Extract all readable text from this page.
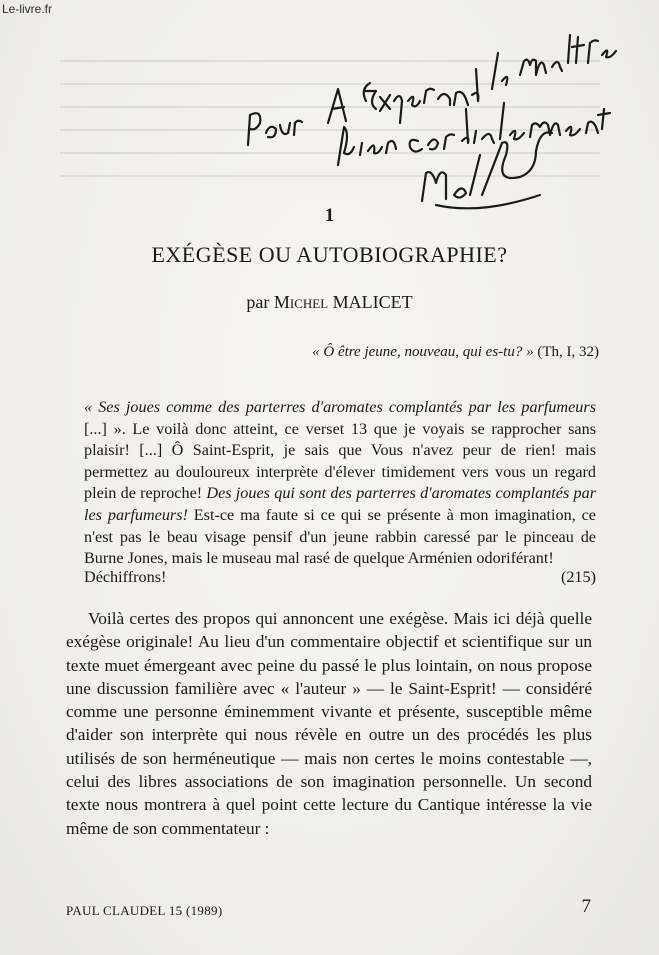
Le-livre.fr
1
EXÉGÈSE OU AUTOBIOGRAPHIE?
par Michel MALICET
« Ô être jeune, nouveau, qui es-tu? » (Th, I, 32)

« Ses joues comme des parterres d'aromates complantés par les parfumeurs [...] ». Le voilà donc atteint, ce verset 13 que je voyais se rapprocher sans plaisir! [...] Ô Saint-Esprit, je sais que Vous n'avez peur de rien! mais permettez au douloureux interprète d'élever timidement vers vous un regard plein de reproche! Des joues qui sont des parterres d'aromates complantés par les parfumeurs! Est-ce ma faute si ce qui se présente à mon imagination, ce n'est pas le beau visage pensif d'un jeune rabbin caressé par le pinceau de Burne Jones, mais le museau mal rasé de quelque Arménien odoriférant!

Déchiffrons!	(215)

Voilà certes des propos qui annoncent une exégèse. Mais ici déjà quelle exégèse originale! Au lieu d'un commentaire objectif et scientifique sur un texte muet émergeant avec peine du passé le plus lointain, on nous propose une discussion familière avec « l'auteur » — le Saint-Esprit! — considéré comme une personne éminemment vivante et présente, susceptible même d'aider son interprète qui nous révèle en outre un des procédés les plus utilisés de son herméneutique — mais non certes le moins contestable —, celui des libres associations de son imagination personnelle. Un second texte nous montrera à quel point cette lecture du Cantique intéresse la vie même de son commentateur :

PAUL CLAUDEL 15 (1989)	7
